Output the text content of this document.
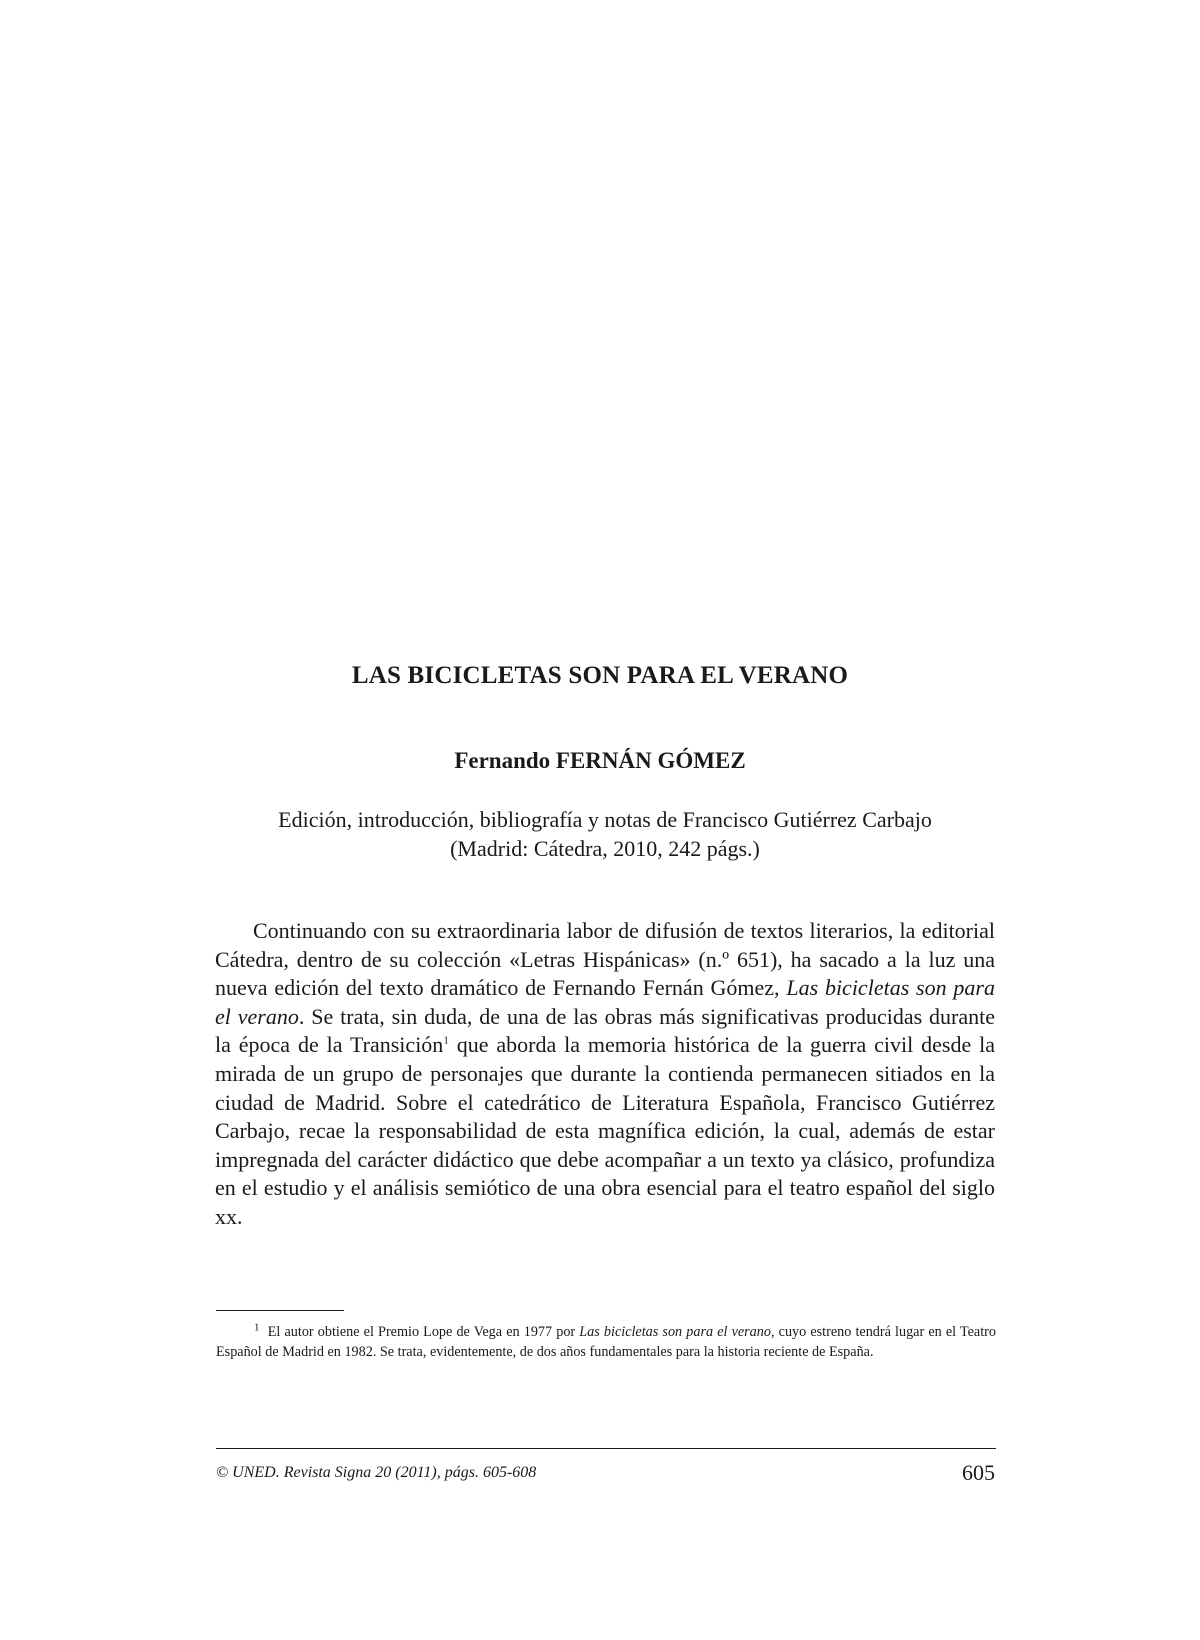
LAS BICICLETAS SON PARA EL VERANO
Fernando FERNÁN GÓMEZ
Edición, introducción, bibliografía y notas de Francisco Gutiérrez Carbajo
(Madrid: Cátedra, 2010, 242 págs.)

Continuando con su extraordinaria labor de difusión de textos literarios, la editorial Cátedra, dentro de su colección «Letras Hispánicas» (n.º 651), ha sacado a la luz una nueva edición del texto dramático de Fernando Fernán Gómez, Las bicicletas son para el verano. Se trata, sin duda, de una de las obras más significativas producidas durante la época de la Transición$^1$ que aborda la memoria histórica de la guerra civil desde la mirada de un grupo de personajes que durante la contienda permanecen sitiados en la ciudad de Madrid. Sobre el catedrático de Literatura Española, Francisco Gutiérrez Carbajo, recae la responsabilidad de esta magnífica edición, la cual, además de estar impregnada del carácter didáctico que debe acompañar a un texto ya clásico, profundiza en el estudio y el análisis semiótico de una obra esencial para el teatro español del siglo xx.

$^1$ El autor obtiene el Premio Lope de Vega en 1977 por Las bicicletas son para el verano, cuyo estreno tendrá lugar en el Teatro Español de Madrid en 1982. Se trata, evidentemente, de dos años fundamentales para la historia reciente de España.

© UNED. Revista Signa 20 (2011), págs. 605-608	605
